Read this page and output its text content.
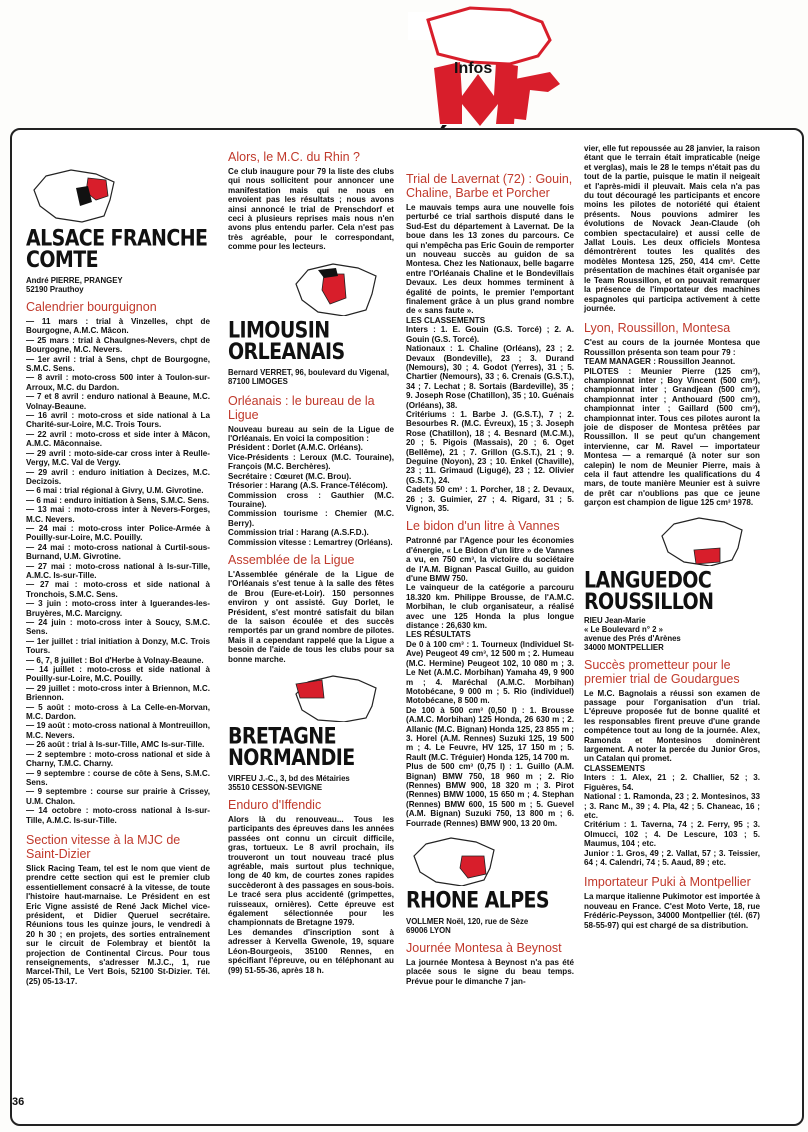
Infos
ALSACE FRANCHE COMTE
André PIERRE, PRANGEY
52190 Prauthoy
Calendrier bourguignon
— 11 mars : trial à Vinzelles, chpt de Bourgogne, A.M.C. Mâcon.
— 25 mars : trial à Chaulgnes-Nevers, chpt de Bourgogne, M.C. Nevers.
— 1er avril : trial à Sens, chpt de Bourgogne, S.M.C. Sens.
— 8 avril : moto-cross 500 inter à Toulon-sur-Arroux, M.C. du Dardon.
— 7 et 8 avril : enduro national à Beaune, M.C. Volnay-Beaune.
— 16 avril : moto-cross et side national à La Charité-sur-Loire, M.C. Trois Tours.
— 22 avril : moto-cross et side inter à Mâcon, A.M.C. Mâconnaise.
— 29 avril : moto-side-car cross inter à Reulle-Vergy, M.C. Val de Vergy.
— 29 avril : enduro initiation à Decizes, M.C. Decizois.
— 6 mai : trial régional à Givry, U.M. Givrotine.
— 6 mai : enduro initiation à Sens, S.M.C. Sens.
— 13 mai : moto-cross inter à Nevers-Forges, M.C. Nevers.
— 24 mai : moto-cross inter Police-Armée à Pouilly-sur-Loire, M.C. Pouilly.
— 24 mai : moto-cross national à Curtil-sous-Burnand, U.M. Givrotine.
— 27 mai : moto-cross national à Is-sur-Tille, A.M.C. Is-sur-Tille.
— 27 mai : moto-cross et side national à Tronchois, S.M.C. Sens.
— 3 juin : moto-cross inter à Iguerandes-les-Bruyères, M.C. Marcigny.
— 24 juin : moto-cross inter à Soucy, S.M.C. Sens.
— 1er juillet : trial initiation à Donzy, M.C. Trois Tours.
— 6, 7, 8 juillet : Bol d'Herbe à Volnay-Beaune.
— 14 juillet : moto-cross et side national à Pouilly-sur-Loire, M.C. Pouilly.
— 29 juillet : moto-cross inter à Briennon, M.C. Briennon.
— 5 août : moto-cross à La Celle-en-Morvan, M.C. Dardon.
— 19 août : moto-cross national à Montreuillon, M.C. Nevers.
— 26 août : trial à Is-sur-Tille, AMC Is-sur-Tille.
— 2 septembre : moto-cross national et side à Charny, T.M.C. Charny.
— 9 septembre : course de côte à Sens, S.M.C. Sens.
— 9 septembre : course sur prairie à Crissey, U.M. Chalon.
— 14 octobre : moto-cross national à Is-sur-Tille, A.M.C. Is-sur-Tille.
Section vitesse à la MJC de Saint-Dizier
Slick Racing Team, tel est le nom que vient de prendre cette section qui est le premier club essentiellement consacré à la vitesse, de toute l'histoire haut-marnaise. Le Président en est Eric Vigne assisté de René Jack Michel vice-président, et Didier Queruel secrétaire. Réunions tous les quinze jours, le vendredi à 20 h 30 ; en projets, des sorties entraînement sur le circuit de Folembray et bientôt la projection de Continental Circus. Pour tous renseignements, s'adresser M.J.C., 1, rue Marcel-Thil, Le Vert Bois, 52100 St-Dizier. Tél. (25) 05-13-17.
Alors, le M.C. du Rhin ?
Ce club inaugure pour 79 la liste des clubs qui nous sollicitent pour annoncer une manifestation mais qui ne nous en envoient pas les résultats ; nous avons ainsi annoncé le trial de Prenschdorf et ceci à plusieurs reprises mais nous n'en avons plus entendu parler. Cela n'est pas très agréable, pour le correspondant, comme pour les lecteurs.
LIMOUSIN ORLEANAIS
Bernard VERRET, 96, boulevard du Vigenal, 87100 LIMOGES
Orléanais : le bureau de la Ligue
Nouveau bureau au sein de la Ligue de l'Orléanais. En voici la composition :
Président : Dorlet (A.M.C. Orléans).
Vice-Présidents : Leroux (M.C. Touraine), François (M.C. Berchères).
Secrétaire : Cœuret (M.C. Brou).
Trésorier : Harang (A.S. France-Télécom).
Commission cross : Gauthier (M.C. Touraine).
Commission tourisme : Chemier (M.C. Berry).
Commission trial : Harang (A.S.F.D.).
Commission vitesse : Lemartrey (Orléans).
Assemblée de la Ligue
L'Assemblée générale de la Ligue de l'Orléanais s'est tenue à la salle des fêtes de Brou (Eure-et-Loir). 150 personnes environ y ont assisté. Guy Dorlet, le Président, s'est montré satisfait du bilan de la saison écoulée et des succès remportés par un grand nombre de pilotes. Mais il a cependant rappelé que la Ligue a besoin de l'aide de tous les clubs pour sa bonne marche.
BRETAGNE NORMANDIE
VIRFEU J.-C., 3, bd des Métairies
35510 CESSON-SEVIGNE
Enduro d'Iffendic
Alors là du renouveau... Tous les participants des épreuves dans les années passées ont connu un circuit difficile, gras, tortueux. Le 8 avril prochain, ils trouveront un tout nouveau tracé plus agréable, mais surtout plus technique, long de 40 km, de courtes zones rapides succèderont à des passages en sous-bois. Le tracé sera plus accidenté (grimpettes, ruisseaux, ornières). Cette épreuve est également sélectionnée pour les championnats de Bretagne 1979.
Les demandes d'inscription sont à adresser à Kervella Gwenole, 19, square Léon-Bourgeois, 35100 Rennes, en spécifiant l'épreuve, ou en téléphonant au (99) 51-55-36, après 18 h.
Trial de Lavernat (72) : Gouin, Chaline, Barbe et Porcher
Le mauvais temps aura une nouvelle fois perturbé ce trial sarthois disputé dans le Sud-Est du département à Lavernat. De la boue dans les 13 zones du parcours. Ce qui n'empêcha pas Eric Gouin de remporter un nouveau succès au guidon de sa Montesa. Chez les Nationaux, belle bagarre entre l'Orléanais Chaline et le Bondevillais Devaux. Les deux hommes terminent à égalité de points, le premier l'emportant finalement grâce à un plus grand nombre de « sans faute ».
LES CLASSEMENTS
Inters : 1. E. Gouin (G.S. Torcé) ; 2. A. Gouin (G.S. Torcé).
Nationaux : 1. Chaline (Orléans), 23 ; 2. Devaux (Bondeville), 23 ; 3. Durand (Nemours), 30 ; 4. Godot (Yerres), 31 ; 5. Chartier (Nemours), 33 ; 6. Crenais (G.S.T.), 34 ; 7. Lechat ; 8. Sortais (Bardeville), 35 ; 9. Joseph Rose (Chatillon), 35 ; 10. Guénais (Orléans), 38.
Critériums : 1. Barbe J. (G.S.T.), 7 ; 2. Besourbes R. (M.C. Évreux), 15 ; 3. Joseph Rose (Chatillon), 18 ; 4. Besnard (M.C.M.), 20 ; 5. Pigois (Massais), 20 ; 6. Oget (Bellême), 21 ; 7. Grillon (G.S.T.), 21 ; 9. Deguine (Noyon), 23 ; 10. Enkel (Chaville), 23 ; 11. Grimaud (Ligugé), 23 ; 12. Olivier (G.S.T.), 24.
Cadets 50 cm³ : 1. Porcher, 18 ; 2. Devaux, 26 ; 3. Guimier, 27 ; 4. Rigard, 31 ; 5. Vignon, 35.
Le bidon d'un litre à Vannes
Patronné par l'Agence pour les économies d'énergie, « Le Bidon d'un litre » de Vannes a vu, en 750 cm³, la victoire du sociétaire de l'A.M. Bignan Pascal Guillo, au guidon d'une BMW 750.
Le vainqueur de la catégorie a parcouru 18.320 km. Philippe Brousse, de l'A.M.C. Morbihan, le club organisateur, a réalisé avec une 125 Honda la plus longue distance : 26,630 km.
LES RÉSULTATS
De 0 à 100 cm³ : 1. Tourneux (Individuel St-Ave) Peugeot 49 cm³, 12 500 m ; 2. Humeau (M.C. Hermine) Peugeot 102, 10 080 m ; 3. Le Net (A.M.C. Morbihan) Yamaha 49, 9 900 m ; 4. Maréchal (A.M.C. Morbihan) Motobécane, 9 000 m ; 5. Rio (individuel) Motobécane, 8 500 m.
De 100 à 500 cm³ (0,50 l) : 1. Brousse (A.M.C. Morbihan) 125 Honda, 26 630 m ; 2. Allanic (M.C. Bignan) Honda 125, 23 855 m ; 3. Horel (A.M. Rennes) Suzuki 125, 19 500 m ; 4. Le Feuvre, HV 125, 17 150 m ; 5. Rault (M.C. Tréguier) Honda 125, 14 700 m.
Plus de 500 cm³ (0,75 l) : 1. Guillo (A.M. Bignan) BMW 750, 18 960 m ; 2. Rio (Rennes) BMW 900, 18 320 m ; 3. Pirot (Rennes) BMW 1000, 15 650 m ; 4. Stephan (Rennes) BMW 600, 15 500 m ; 5. Guevel (A.M. Bignan) Suzuki 750, 13 800 m ; 6. Fourrade (Rennes) BMW 900, 13 20 0m.
RHONE ALPES
VOLLMER Noël, 120, rue de Sèze
69006 LYON
Journée Montesa à Beynost
La journée Montesa à Beynost n'a pas été placée sous le signe du beau temps. Prévue pour le dimanche 7 jan-
vier, elle fut repoussée au 28 janvier, la raison étant que le terrain était impraticable (neige et verglas), mais le 28 le temps n'était pas du tout de la partie, puisque le matin il neigeait et l'après-midi il pleuvait. Mais cela n'a pas du tout découragé les participants et encore moins les pilotes de notoriété qui étaient présents. Nous pouvions admirer les évolutions de Novack Jean-Claude (oh combien spectaculaire) et aussi celle de Jallat Louis. Les deux officiels Montesa démontrèrent toutes les qualités des modèles Montesa 125, 250, 414 cm³. Cette présentation de machines était organisée par le Team Roussillon, et on pouvait remarquer la présence de l'importateur des machines espagnoles qui participa activement à cette journée.
Lyon, Roussillon, Montesa
C'est au cours de la journée Montesa que Roussillon présenta son team pour 79 :
TEAM MANAGER : Roussillon Jeannot.
PILOTES : Meunier Pierre (125 cm³), championnat inter ; Boy Vincent (500 cm³), championnat inter ; Grandjean (500 cm³), championnat inter ; Anthouard (500 cm³), championnat inter ; Gaillard (500 cm³), championnat inter. Tous ces pilotes auront la joie de disposer de Montesa prêtées par Roussillon. Il se peut qu'un changement intervienne, car M. Ravel — importateur Montesa — a remarqué (à noter sur son calepin) le nom de Meunier Pierre, mais à cela il faut attendre les qualifications du 4 mars, de toute manière Meunier est à suivre de prêt car n'oublions pas que ce jeune garçon est champion de ligue 125 cm³ 1978.
LANGUEDOC ROUSSILLON
RIEU Jean-Marie
« Le Boulevard n° 2 »
avenue des Prés d'Arènes
34000 MONTPELLIER
Succès prometteur pour le premier trial de Goudargues
Le M.C. Bagnolais a réussi son examen de passage pour l'organisation d'un trial. L'épreuve proposée fut de bonne qualité et les responsables firent preuve d'une grande compétence tout au long de la journée. Alex, Ramonda et Montesinos dominèrent largement. A noter la percée du Junior Gros, un Catalan qui promet.
CLASSEMENTS
Inters : 1. Alex, 21 ; 2. Challier, 52 ; 3. Figuères, 54.
National : 1. Ramonda, 23 ; 2. Montesinos, 33 ; 3. Ranc M., 39 ; 4. Pla, 42 ; 5. Chaneac, 16 ; etc.
Critérium : 1. Taverna, 74 ; 2. Ferry, 95 ; 3. Olmucci, 102 ; 4. De Lescure, 103 ; 5. Maumus, 104 ; etc.
Junior : 1. Gros, 49 ; 2. Vallat, 57 ; 3. Teissier, 64 ; 4. Calendri, 74 ; 5. Aaud, 89 ; etc.
Importateur Puki à Montpellier
La marque italienne Pukimotor est importée à nouveau en France. C'est Moto Verte, 18, rue Frédéric-Peysson, 34000 Montpellier (tél. (67) 58-55-97) qui est chargé de sa distribution.
36
